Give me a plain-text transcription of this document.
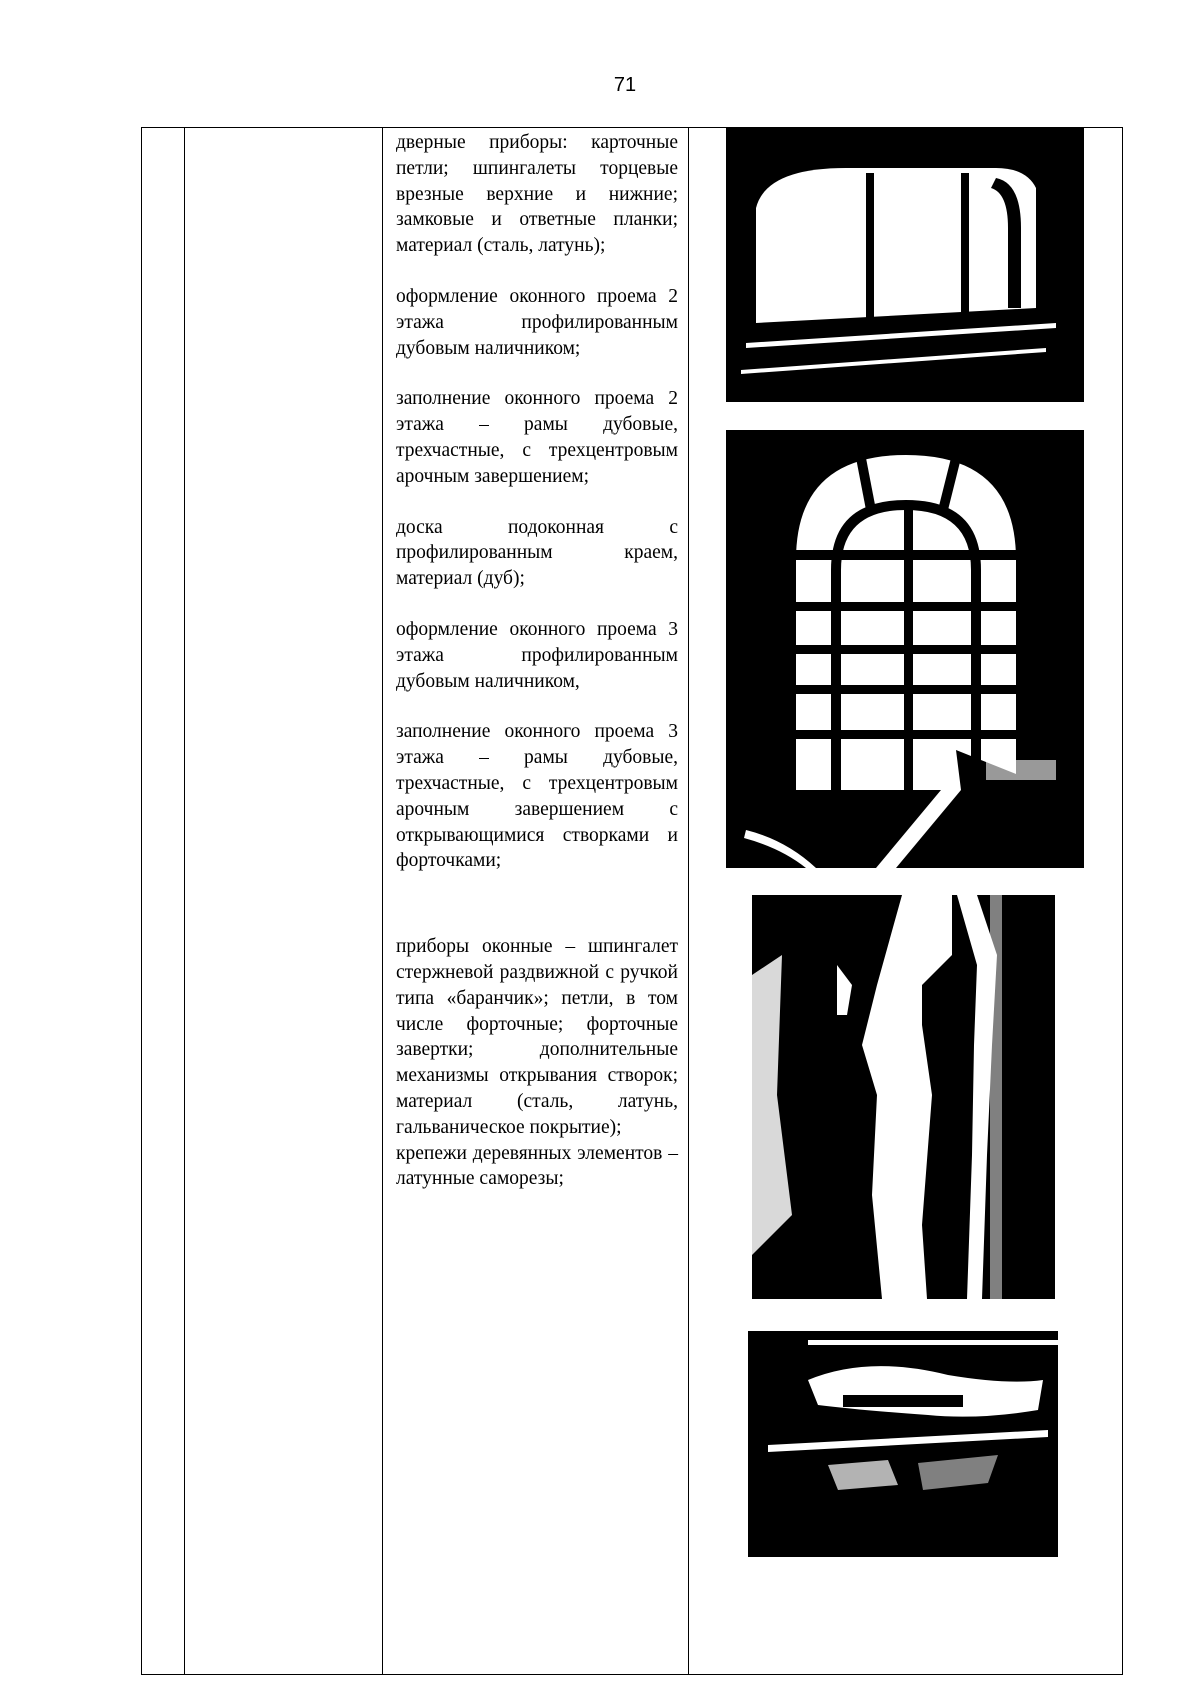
71

дверные приборы: карточные петли; шпингалеты торцевые врезные верхние и нижние; замковые и ответные планки; материал (сталь, латунь);

оформление оконного проема 2 этажа профилированным дубовым наличником;

заполнение оконного проема 2 этажа – рамы дубовые, трехчастные, с трехцентровым арочным завершением;

доска подоконная с профилированным краем, материал (дуб);

оформление оконного проема 3 этажа профилированным дубовым наличником,

заполнение оконного проема 3 этажа – рамы дубовые, трехчастные, с трехцентровым арочным завершением с открывающимися створками и форточками;

приборы оконные – шпингалет стержневой раздвижной с ручкой типа «баранчик»; петли, в том числе форточные; форточные завертки; дополнительные механизмы открывания створок; материал (сталь, латунь, гальваническое покрытие);

крепежи деревянных элементов – латунные саморезы;
